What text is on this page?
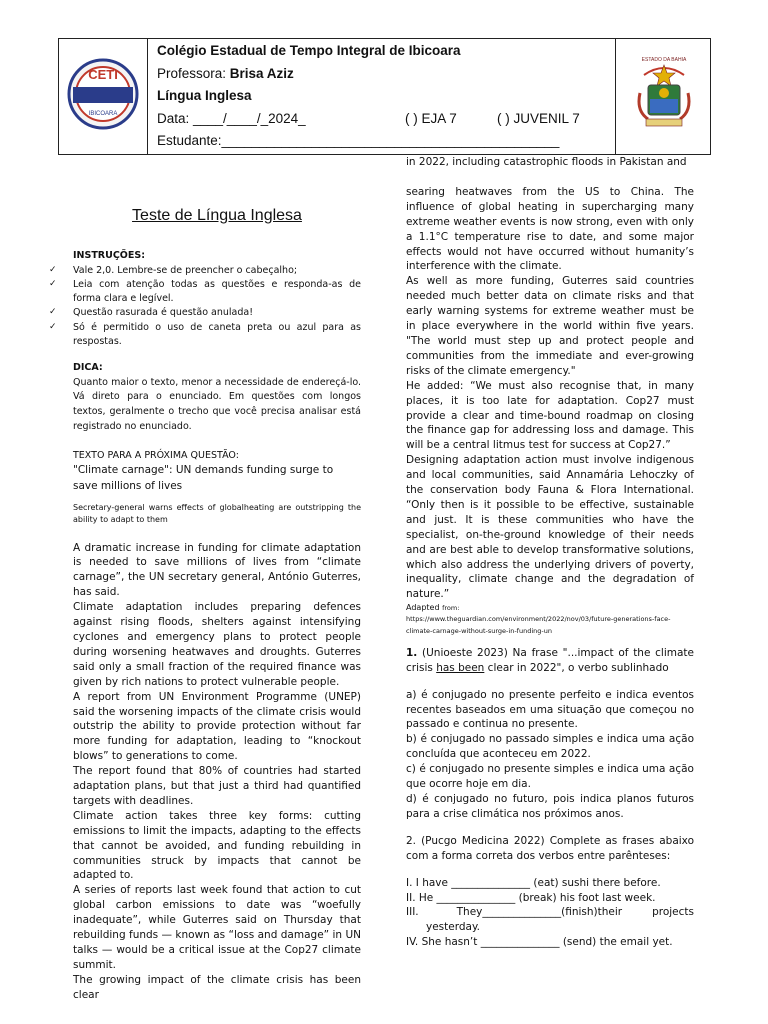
CETI
IBICOARA
Colégio Estadual de Tempo Integral de Ibicoara
Professora: Brisa Aziz
Língua Inglesa
Data: ____/____/_2024_	( ) EJA 7	( ) JUVENIL 7
Estudante:_____________________________________________
ESTADO DA BAHIA
Teste de Língua Inglesa

INSTRUÇÕES:

✓ Vale 2,0. Lembre-se de preencher o cabeçalho;
✓ Leia com atenção todas as questões e responda-as de forma clara e legível.
✓ Questão rasurada é questão anulada!
✓ Só é permitido o uso de caneta preta ou azul para as respostas.

DICA:

Quanto maior o texto, menor a necessidade de endereçá-lo. Vá direto para o enunciado. Em questões com longos textos, geralmente o trecho que você precisa analisar está registrado no enunciado.

TEXTO PARA A PRÓXIMA QUESTÃO:

"Climate carnage": UN demands funding surge to save millions of lives

Secretary-general warns effects of globalheating are outstripping the ability to adapt to them

A dramatic increase in funding for climate adaptation is needed to save millions of lives from “climate carnage”, the UN secretary general, António Guterres, has said.

Climate adaptation includes preparing defences against rising floods, shelters against intensifying cyclones and emergency plans to protect people during worsening heatwaves and droughts. Guterres said only a small fraction of the required finance was given by rich nations to protect vulnerable people.

A report from UN Environment Programme (UNEP) said the worsening impacts of the climate crisis would outstrip the ability to provide protection without far more funding for adaptation, leading to “knockout blows” to generations to come.

The report found that 80% of countries had started adaptation plans, but that just a third had quantified targets with deadlines.

Climate action takes three key forms: cutting emissions to limit the impacts, adapting to the effects that cannot be avoided, and funding rebuilding in communities struck by impacts that cannot be adapted to.

A series of reports last week found that action to cut global carbon emissions to date was “woefully inadequate”, while Guterres said on Thursday that rebuilding funds — known as “loss and damage” in UN talks — would be a critical issue at the Cop27 climate summit.

The growing impact of the climate crisis has been clear

in 2022, including catastrophic floods in Pakistan and

searing heatwaves from the US to China. The influence of global heating in supercharging many extreme weather events is now strong, even with only a 1.1°C temperature rise to date, and some major effects would not have occurred without humanity’s interference with the climate.

As well as more funding, Guterres said countries needed much better data on climate risks and that early warning systems for extreme weather must be in place everywhere in the world within five years. "The world must step up and protect people and communities from the immediate and ever-growing risks of the climate emergency."

He added: “We must also recognise that, in many places, it is too late for adaptation. Cop27 must provide a clear and time-bound roadmap on closing the finance gap for addressing loss and damage. This will be a central litmus test for success at Cop27.”

Designing adaptation action must involve indigenous and local communities, said Annamária Lehoczky of the conservation body Fauna & Flora International. “Only then is it possible to be effective, sustainable and just. It is these communities who have the specialist, on-the-ground knowledge of their needs and are best able to develop transformative solutions, which also address the underlying drivers of poverty, inequality, climate change and the degradation of nature.”

Adapted from:
https://www.theguardian.com/environment/2022/nov/03/future-generations-face-climate-carnage-without-surge-in-funding-un

1. (Unioeste 2023) Na frase "...impact of the climate crisis has been clear in 2022", o verbo sublinhado

a) é conjugado no presente perfeito e indica eventos recentes baseados em uma situação que começou no passado e continua no presente.

b) é conjugado no passado simples e indica uma ação concluída que aconteceu em 2022.

c) é conjugado no presente simples e indica uma ação que ocorre hoje em dia.

d) é conjugado no futuro, pois indica planos futuros para a crise climática nos próximos anos.

2. (Pucgo Medicina 2022) Complete as frases abaixo com a forma correta dos verbos entre parênteses:

I. I have _______________ (eat) sushi there before.

II. He _______________ (break) his foot last week.

III.	They_______________(finish)their	projects

yesterday.

IV. She hasn’t _______________ (send) the email yet.
